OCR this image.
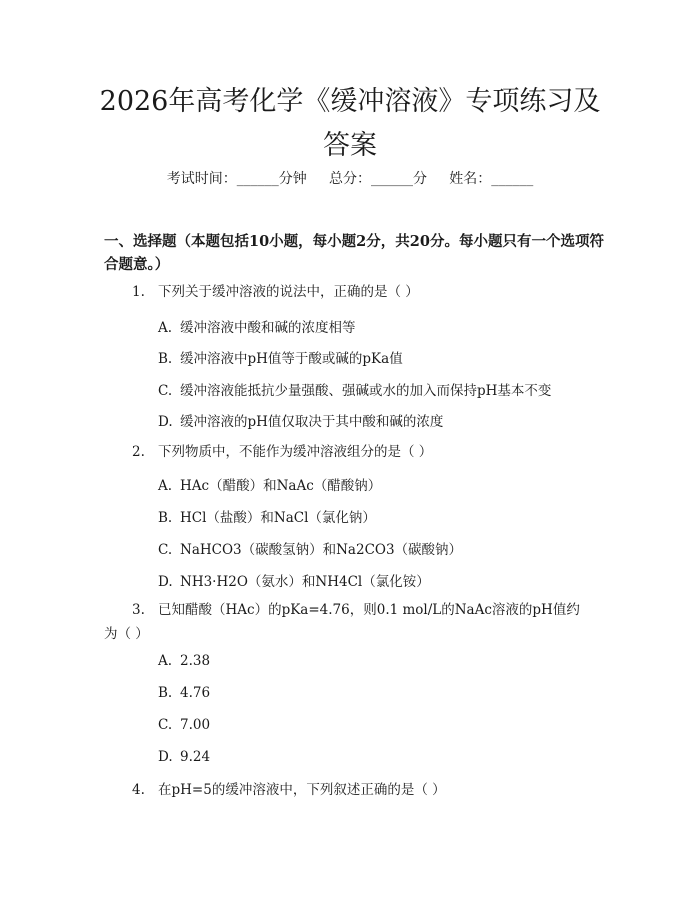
2026年高考化学《缓冲溶液》专项练习及答案
考试时间：______分钟     总分：______分     姓名：______

一、选择题（本题包括10小题，每小题2分，共20分。每小题只有一个选项符合题意。）

1. 下列关于缓冲溶液的说法中，正确的是（ ）
A. 缓冲溶液中酸和碱的浓度相等
B. 缓冲溶液中pH值等于酸或碱的pKa值
C. 缓冲溶液能抵抗少量强酸、强碱或水的加入而保持pH基本不变
D. 缓冲溶液的pH值仅取决于其中酸和碱的浓度
2. 下列物质中，不能作为缓冲溶液组分的是（ ）
A. HAc（醋酸）和NaAc（醋酸钠）
B. HCl（盐酸）和NaCl（氯化钠）
C. NaHCO3（碳酸氢钠）和Na2CO3（碳酸钠）
D. NH3·H2O（氨水）和NH4Cl（氯化铵）
3. 已知醋酸（HAc）的pKa=4.76，则0.1 mol/L的NaAc溶液的pH值约为（ ）
A. 2.38
B. 4.76
C. 7.00
D. 9.24
4. 在pH=5的缓冲溶液中，下列叙述正确的是（ ）
